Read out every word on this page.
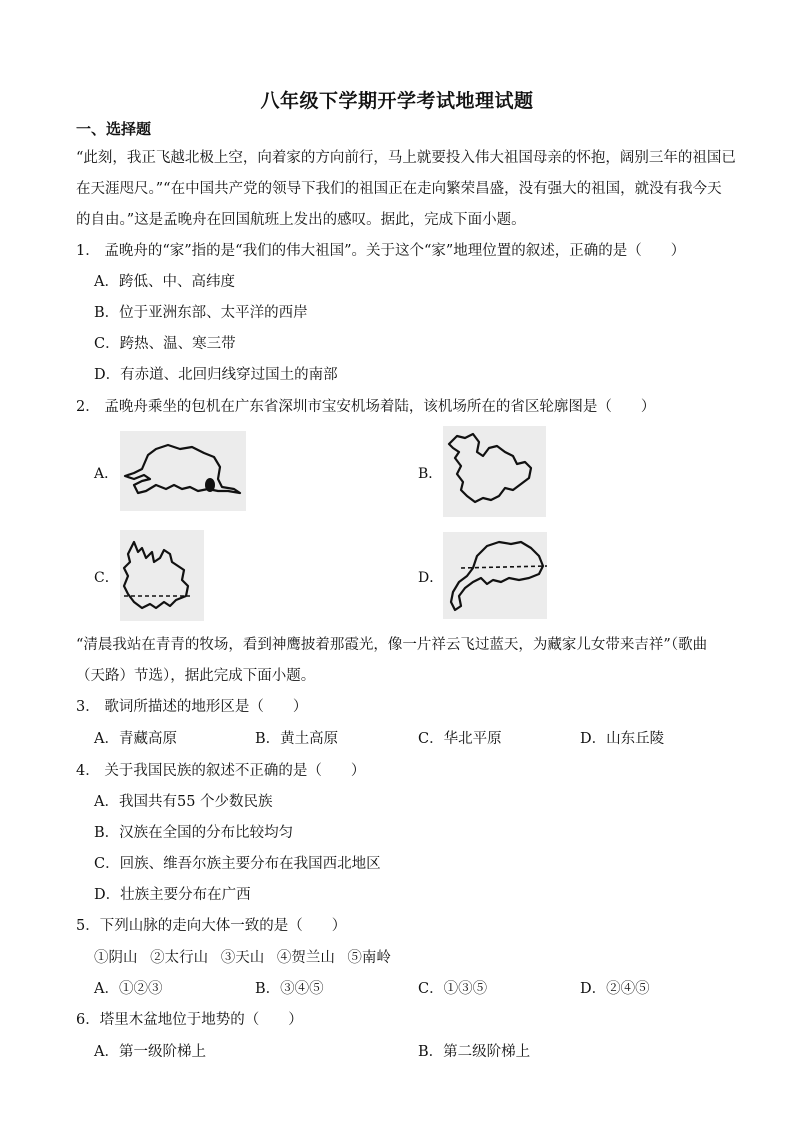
八年级下学期开学考试地理试题
一、选择题
“此刻，我正飞越北极上空，向着家的方向前行，马上就要投入伟大祖国母亲的怀抱，阔别三年的祖国已
在天涯咫尺。”“在中国共产党的领导下我们的祖国正在走向繁荣昌盛，没有强大的祖国，就没有我今天
的自由。”这是孟晚舟在回国航班上发出的感叹。据此，完成下面小题。
1． 孟晚舟的“家”指的是“我们的伟大祖国”。关于这个“家”地理位置的叙述，正确的是（　　）
A．跨低、中、高纬度
B．位于亚洲东部、太平洋的西岸
C．跨热、温、寒三带
D．有赤道、北回归线穿过国土的南部
2． 孟晚舟乘坐的包机在广东省深圳市宝安机场着陆，该机场所在的省区轮廓图是（　　）
A．	B．
C．	D．
“清晨我站在青青的牧场，看到神鹰披着那霞光，像一片祥云飞过蓝天，为藏家儿女带来吉祥”（歌曲
（天路）节选），据此完成下面小题。
3． 歌词所描述的地形区是（　　）
A．青藏高原	B．黄土高原	C．华北平原	D．山东丘陵
4． 关于我国民族的叙述不正确的是（　　）
A．我国共有55 个少数民族
B．汉族在全国的分布比较均匀
C．回族、维吾尔族主要分布在我国西北地区
D．壮族主要分布在广西
5．下列山脉的走向大体一致的是（　　）
①阴山 ②太行山 ③天山 ④贺兰山 ⑤南岭
A．①②③	B．③④⑤	C．①③⑤	D．②④⑤
6．塔里木盆地位于地势的（　　）
A．第一级阶梯上	B．第二级阶梯上
